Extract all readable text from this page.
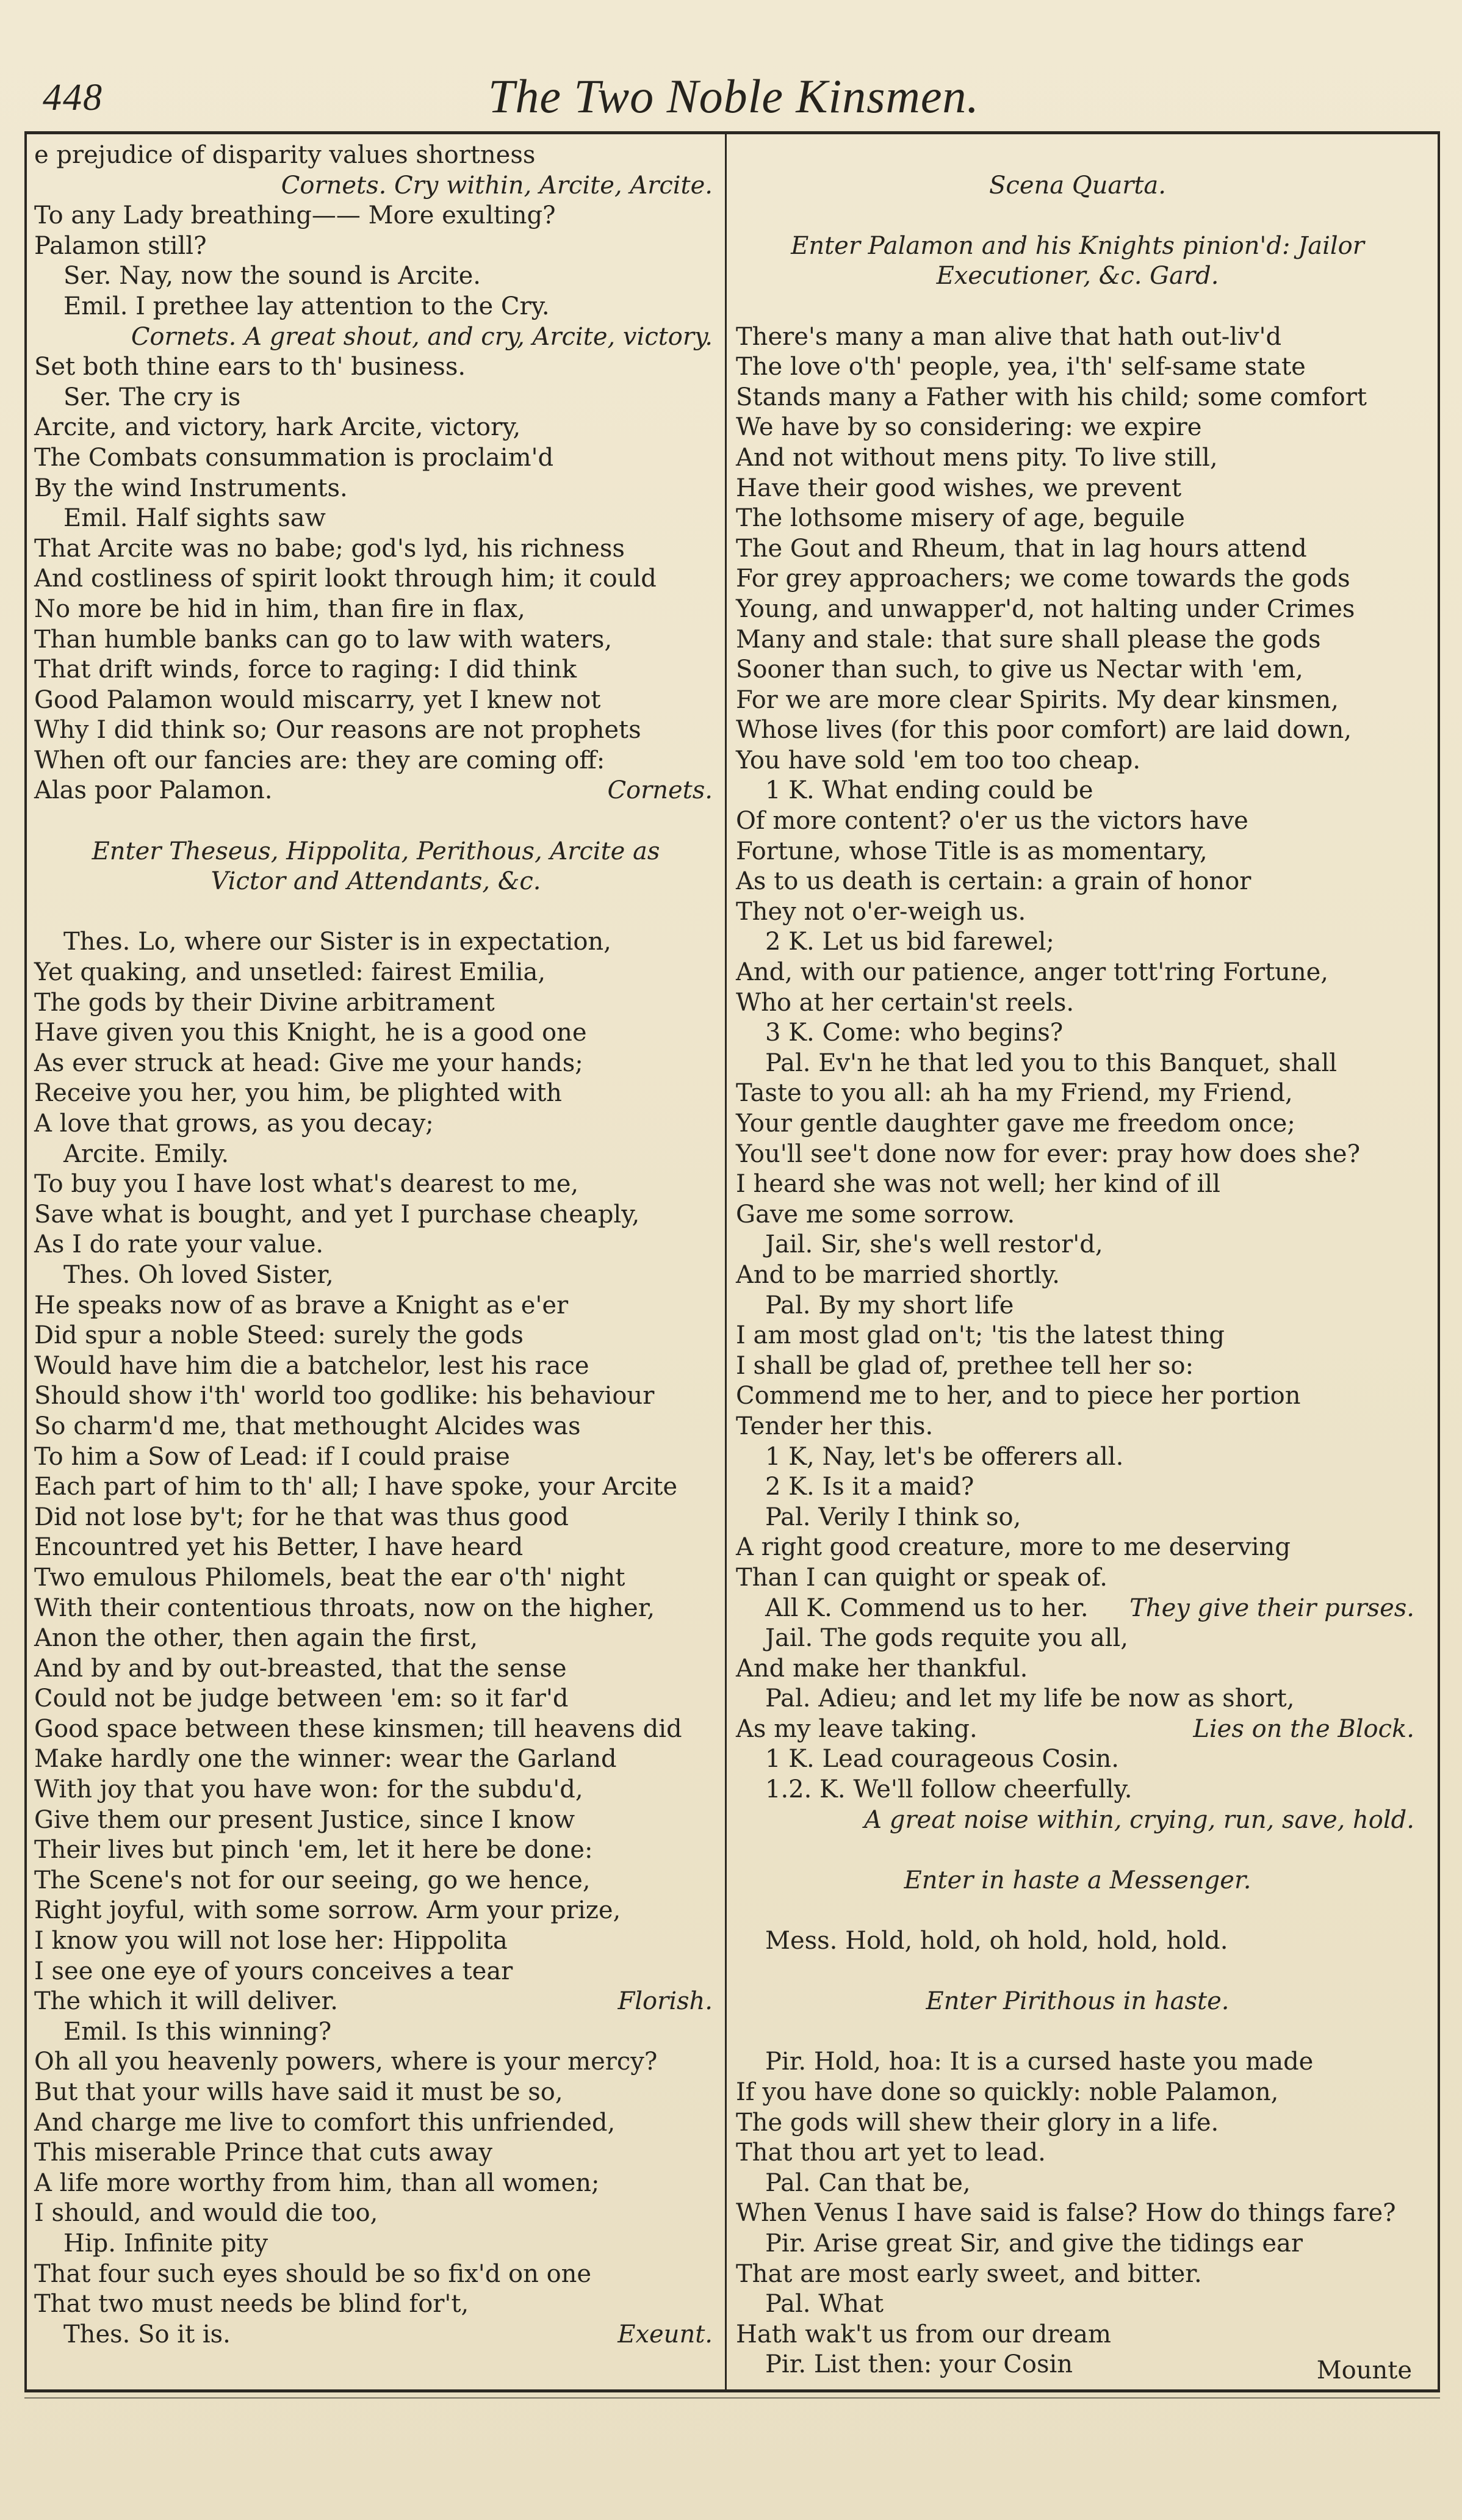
448	The Two Noble Kinsmen.
e prejudice of disparity values shortness
Cornets. Cry within, Arcite, Arcite.
To any Lady breathing—— More exulting?
Palamon still?
Ser. Nay, now the sound is Arcite.
Emil. I prethee lay attention to the Cry.
Cornets. A great shout, and cry, Arcite, victory.
Set both thine ears to th' business.
Ser. The cry is
Arcite, and victory, hark Arcite, victory,
The Combats consummation is proclaim'd
By the wind Instruments.
Emil. Half sights saw
That Arcite was no babe; god's lyd, his richness
And costliness of spirit lookt through him; it could
No more be hid in him, than fire in flax,
Than humble banks can go to law with waters,
That drift winds, force to raging: I did think
Good Palamon would miscarry, yet I knew not
Why I did think so; Our reasons are not prophets
When oft our fancies are: they are coming off:
Alas poor Palamon.	Cornets.
Enter Theseus, Hippolita, Perithous, Arcite as
Victor and Attendants, &c.
Thes. Lo, where our Sister is in expectation,
Yet quaking, and unsetled: fairest Emilia,
The gods by their Divine arbitrament
Have given you this Knight, he is a good one
As ever struck at head: Give me your hands;
Receive you her, you him, be plighted with
A love that grows, as you decay;
Arcite. Emily.
To buy you I have lost what's dearest to me,
Save what is bought, and yet I purchase cheaply,
As I do rate your value.
Thes. Oh loved Sister,
He speaks now of as brave a Knight as e'er
Did spur a noble Steed: surely the gods
Would have him die a batchelor, lest his race
Should show i'th' world too godlike: his behaviour
So charm'd me, that methought Alcides was
To him a Sow of Lead: if I could praise
Each part of him to th' all; I have spoke, your Arcite
Did not lose by't; for he that was thus good
Encountred yet his Better, I have heard
Two emulous Philomels, beat the ear o'th' night
With their contentious throats, now on the higher,
Anon the other, then again the first,
And by and by out-breasted, that the sense
Could not be judge between 'em: so it far'd
Good space between these kinsmen; till heavens did
Make hardly one the winner: wear the Garland
With joy that you have won: for the subdu'd,
Give them our present Justice, since I know
Their lives but pinch 'em, let it here be done:
The Scene's not for our seeing, go we hence,
Right joyful, with some sorrow. Arm your prize,
I know you will not lose her: Hippolita
I see one eye of yours conceives a tear
The which it will deliver.	Florish.
Emil. Is this winning?
Oh all you heavenly powers, where is your mercy?
But that your wills have said it must be so,
And charge me live to comfort this unfriended,
This miserable Prince that cuts away
A life more worthy from him, than all women;
I should, and would die too,
Hip. Infinite pity
That four such eyes should be so fix'd on one
That two must needs be blind for't,
Thes. So it is.	Exeunt.
Scena Quarta.
Enter Palamon and his Knights pinion'd: Jailor
Executioner, &c. Gard.
There's many a man alive that hath out-liv'd
The love o'th' people, yea, i'th' self-same state
Stands many a Father with his child; some comfort
We have by so considering: we expire
And not without mens pity. To live still,
Have their good wishes, we prevent
The lothsome misery of age, beguile
The Gout and Rheum, that in lag hours attend
For grey approachers; we come towards the gods
Young, and unwapper'd, not halting under Crimes
Many and stale: that sure shall please the gods
Sooner than such, to give us Nectar with 'em,
For we are more clear Spirits. My dear kinsmen,
Whose lives (for this poor comfort) are laid down,
You have sold 'em too too cheap.
1 K. What ending could be
Of more content? o'er us the victors have
Fortune, whose Title is as momentary,
As to us death is certain: a grain of honor
They not o'er-weigh us.
2 K. Let us bid farewel;
And, with our patience, anger tott'ring Fortune,
Who at her certain'st reels.
3 K. Come: who begins?
Pal. Ev'n he that led you to this Banquet, shall
Taste to you all: ah ha my Friend, my Friend,
Your gentle daughter gave me freedom once;
You'll see't done now for ever: pray how does she?
I heard she was not well; her kind of ill
Gave me some sorrow.
Jail. Sir, she's well restor'd,
And to be married shortly.
Pal. By my short life
I am most glad on't; 'tis the latest thing
I shall be glad of, prethee tell her so:
Commend me to her, and to piece her portion
Tender her this.
1 K, Nay, let's be offerers all.
2 K. Is it a maid?
Pal. Verily I think so,
A right good creature, more to me deserving
Than I can quight or speak of.
All K. Commend us to her. They give their purses.
Jail. The gods requite you all,
And make her thankful.
Pal. Adieu; and let my life be now as short,
As my leave taking.	Lies on the Block.
1 K. Lead courageous Cosin.
1.2. K. We'll follow cheerfully.
A great noise within, crying, run, save, hold.
Enter in haste a Messenger.
Mess. Hold, hold, oh hold, hold, hold.
Enter Pirithous in haste.
Pir. Hold, hoa: It is a cursed haste you made
If you have done so quickly: noble Palamon,
The gods will shew their glory in a life.
That thou art yet to lead.
Pal. Can that be,
When Venus I have said is false? How do things fare?
Pir. Arise great Sir, and give the tidings ear
That are most early sweet, and bitter.
Pal. What
Hath wak't us from our dream
Pir. List then: your Cosin	Mounte
